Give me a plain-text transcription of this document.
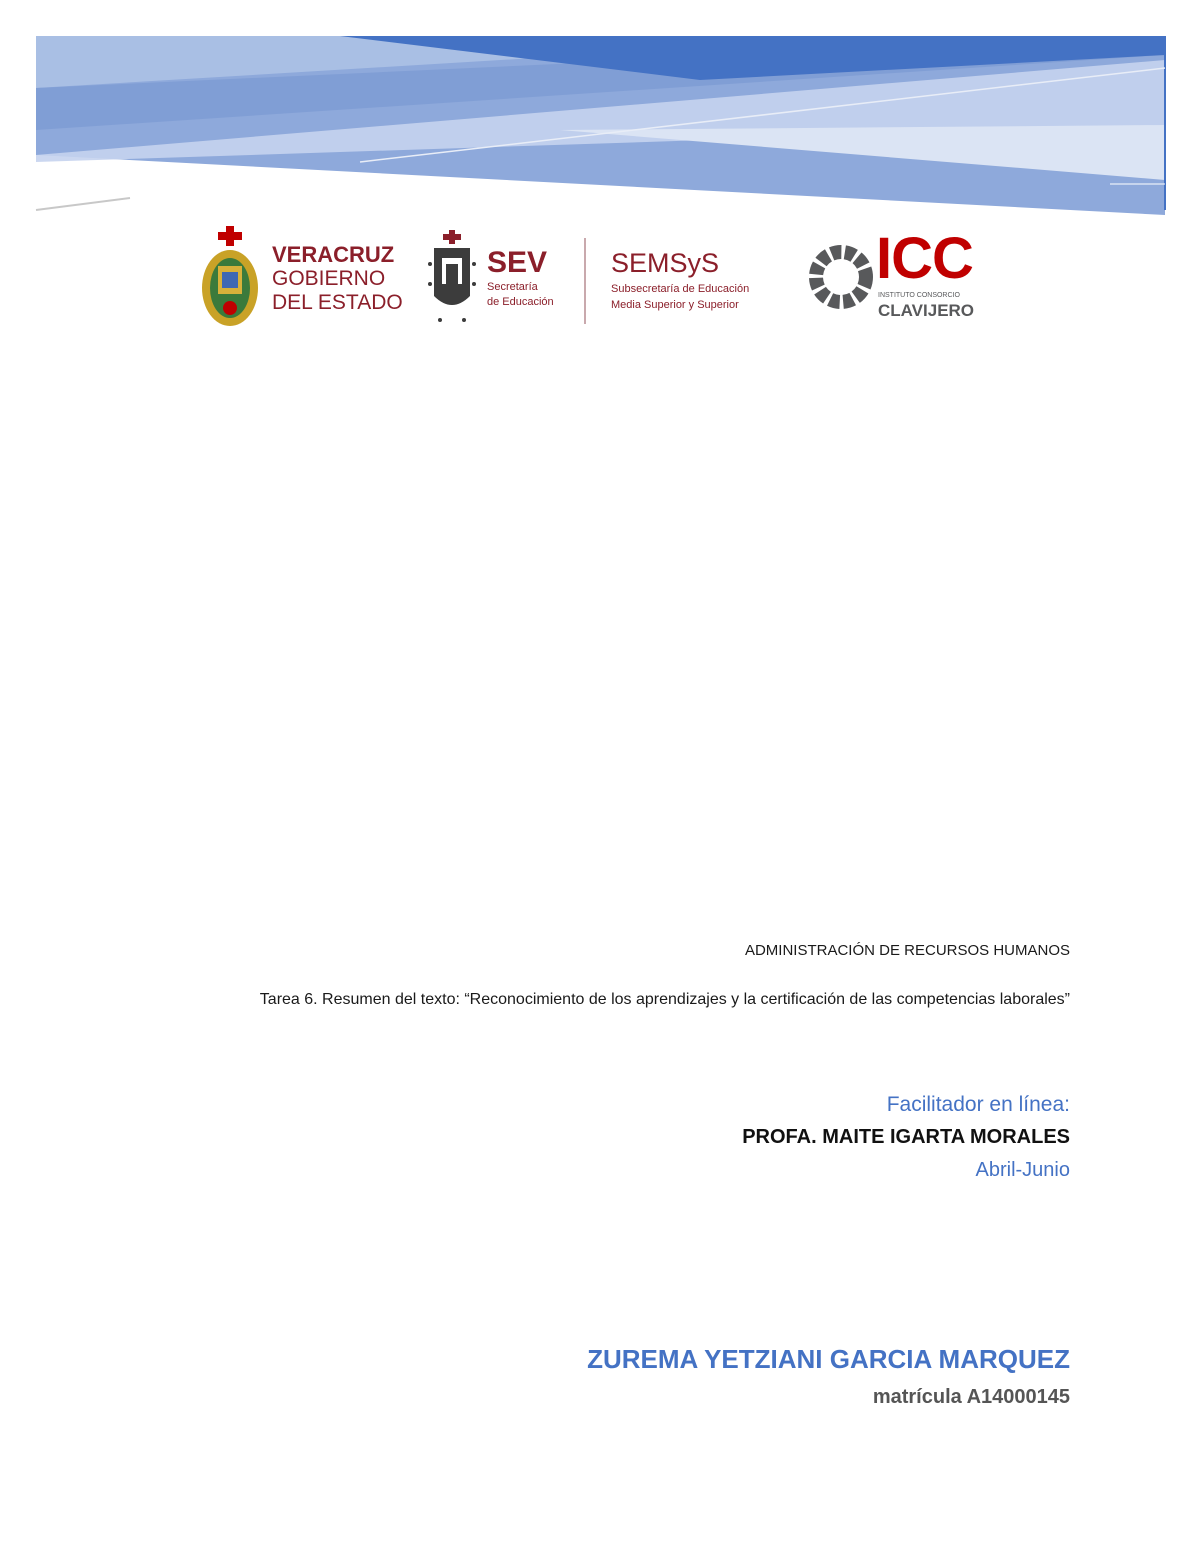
VERACRUZ
GOBIERNO
DEL ESTADO
SEV
Secretaría
de Educación
SEMSyS
Subsecretaría de Educación
Media Superior y Superior
ICC
INSTITUTO CONSORCIO
CLAVIJERO
ADMINISTRACIÓN DE RECURSOS HUMANOS
Tarea 6. Resumen del texto: “Reconocimiento de los aprendizajes y la certificación de las competencias laborales”
Facilitador en línea:
PROFA. MAITE IGARTA MORALES
Abril-Junio
ZUREMA YETZIANI GARCIA MARQUEZ
matrícula A14000145
